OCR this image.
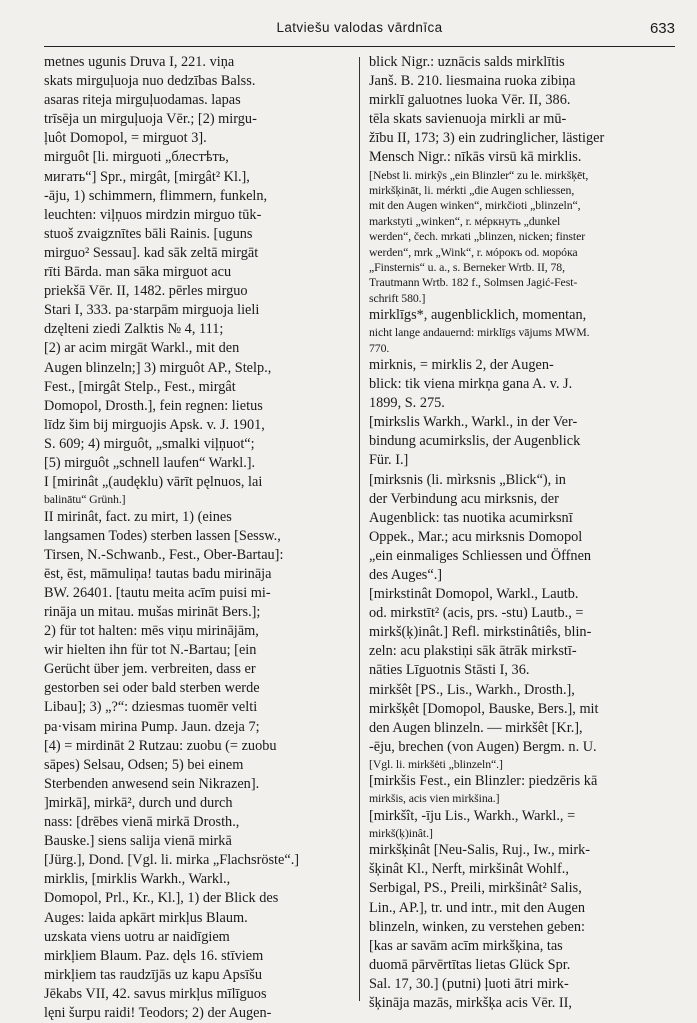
Latviešu valodas vārdnīca	633
metnes ugunis Druva I, 221. viņa
skats mirguļuoja nuo dedzības Balss.
asaras riteja mirguļuodamas. lapas
trīsēja un mirguļuoja Vēr.; [2) mirgu-
ļuôt Domopol, = mirguot 3].
mirguôt [li. mirguoti „блестѣть,
мигать“] Spr., mirgât, [mirgât² Kl.],
-āju, 1) schimmern, flimmern, funkeln,
leuchten: viļņuos mirdzin mirguo tūk-
stuoš zvaigznītes bāli Rainis. [uguns
mirguo² Sessau]. kad sāk zeltā mirgāt
rīti Bārda. man sāka mirguot acu
priekšā Vēr. II, 1482. pērles mirguo
Stari I, 333. pa·starpām mirguoja lieli
dzęlteni ziedi Zalktis № 4, 111;
[2) ar acim mirgāt Warkl., mit den
Augen blinzeln;] 3) mirguôt AP., Stelp.,
Fest., [mirgât Stelp., Fest., mirgât
Domopol, Drosth.], fein regnen: lietus
līdz šim bij mirguojis Apsk. v. J. 1901,
S. 609; 4) mirguôt, „smalki viļņuot“;
[5) mirguôt „schnell laufen“ Warkl.].
I [mirinât „(audęklu) vārīt pęlnuos, lai
balinātu“ Grünh.]
II mirinât, fact. zu mirt, 1) (eines
langsamen Todes) sterben lassen [Sessw.,
Tirsen, N.-Schwanb., Fest., Ober-Bartau]:
ēst, ēst, māmuliņa! tautas badu mirināja
BW. 26401. [tautu meita acīm puisi mi-
rināja un mitau. mušas mirināt Bers.];
2) für tot halten: mēs viņu mirinājām,
wir hielten ihn für tot N.-Bartau; [ein
Gerücht über jem. verbreiten, dass er
gestorben sei oder bald sterben werde
Libau]; 3) „?“: dziesmas tuomēr velti
pa·visam mirina Pump. Jaun. dzeja 7;
[4) = mirdināt 2 Rutzau: zuobu (= zuobu
sāpes) Selsau, Odsen; 5) bei einem
Sterbenden anwesend sein Nikrazen].
]mirkā], mirkā², durch und durch
nass: [drēbes vienā mirkā Drosth.,
Bauske.] siens salija vienā mirkā
[Jürg.], Dond. [Vgl. li. mirka „Flachsröste“.]
mirklis, [mirklis Warkh., Warkl.,
Domopol, Prl., Kr., Kl.], 1) der Blick des
Auges: laida apkārt mirkļus Blaum.
uzskata viens uotru ar naidīgiem
mirkļiem Blaum. Paz. dęls 16. stīviem
mirkļiem tas raudzījās uz kapu Apsīšu
Jēkabs VII, 42. savus mirkļus mīlīguos
lęni šurpu raidi! Teodors; 2) der Augen-
blick Nigr.: uznācis salds mirklītis
Janš. B. 210. liesmaina ruoka zibiņa
mirklī galuotnes luoka Vēr. II, 386.
tēla skats savienuoja mirkli ar mū-
žību II, 173; 3) ein zudringlicher, lästiger
Mensch Nigr.: nīkās virsū kā mirklis.
[Nebst li. mirkỹs „ein Blinzler“ zu le. mirkšķēt,
mirkšķināt, li. mérkti „die Augen schliessen,
mit den Augen winken“, mirkčioti „blinzeln“,
markstyti „winken“, r. мéркнуть „dunkel
werden“, čech. mrkati „blinzen, nicken; finster
werden“, mrk „Wink“, r. мóрокъ od. морóка
„Finsternis“ u. a., s. Berneker Wrtb. II, 78,
Trautmann Wrtb. 182 f., Solmsen Jagić-Fest-
schrift 580.]
mirklīgs*, augenblicklich, momentan,
nicht lange andauernd: mirklīgs vājums MWM.
770.
mirknis, = mirklis 2, der Augen-
blick: tik viena mirkņa gana A. v. J.
1899, S. 275.
[mirkslis Warkh., Warkl., in der Ver-
bindung acumirkslis, der Augenblick
Für. I.]
[mirksnis (li. mìrksnis „Blick“), in
der Verbindung acu mirksnis, der
Augenblick: tas nuotika acumirksnī
Oppek., Mar.; acu mirksnis Domopol
„ein einmaliges Schliessen und Öffnen
des Auges“.]
[mirkstinât Domopol, Warkl., Lautb.
od. mirkstīt² (acis, prs. -stu) Lautb., =
mirkš(ķ)inât.] Refl. mirkstinâtiês, blin-
zeln: acu plakstiņi sāk ātrāk mirkstī-
nāties Līguotnis Stāsti I, 36.
mirkšêt [PS., Lis., Warkh., Drosth.],
mirkšķêt [Domopol, Bauske, Bers.], mit
den Augen blinzeln. — mirkšêt [Kr.],
-ēju, brechen (von Augen) Bergm. n. U.
[Vgl. li. mirkšėti „blinzeln“.]
[mirkšis Fest., ein Blinzler: piedzēris kā
mirkšis, acis vien mirkšina.]
[mirkšît, -īju Lis., Warkh., Warkl., =
mirkš(ķ)inât.]
mirkšķinât [Neu-Salis, Ruj., Iw., mirk-
šķinât Kl., Nerft, mirkšinât Wohlf.,
Serbigal, PS., Preili, mirkšinât² Salis,
Lin., AP.], tr. und intr., mit den Augen
blinzeln, winken, zu verstehen geben:
[kas ar savām acīm mirkšķina, tas
duomā pārvērtītas lietas Glück Spr.
Sal. 17, 30.] (putni) ļuoti ātri mirk-
šķināja mazās, mirkšķa acis Vēr. II,
